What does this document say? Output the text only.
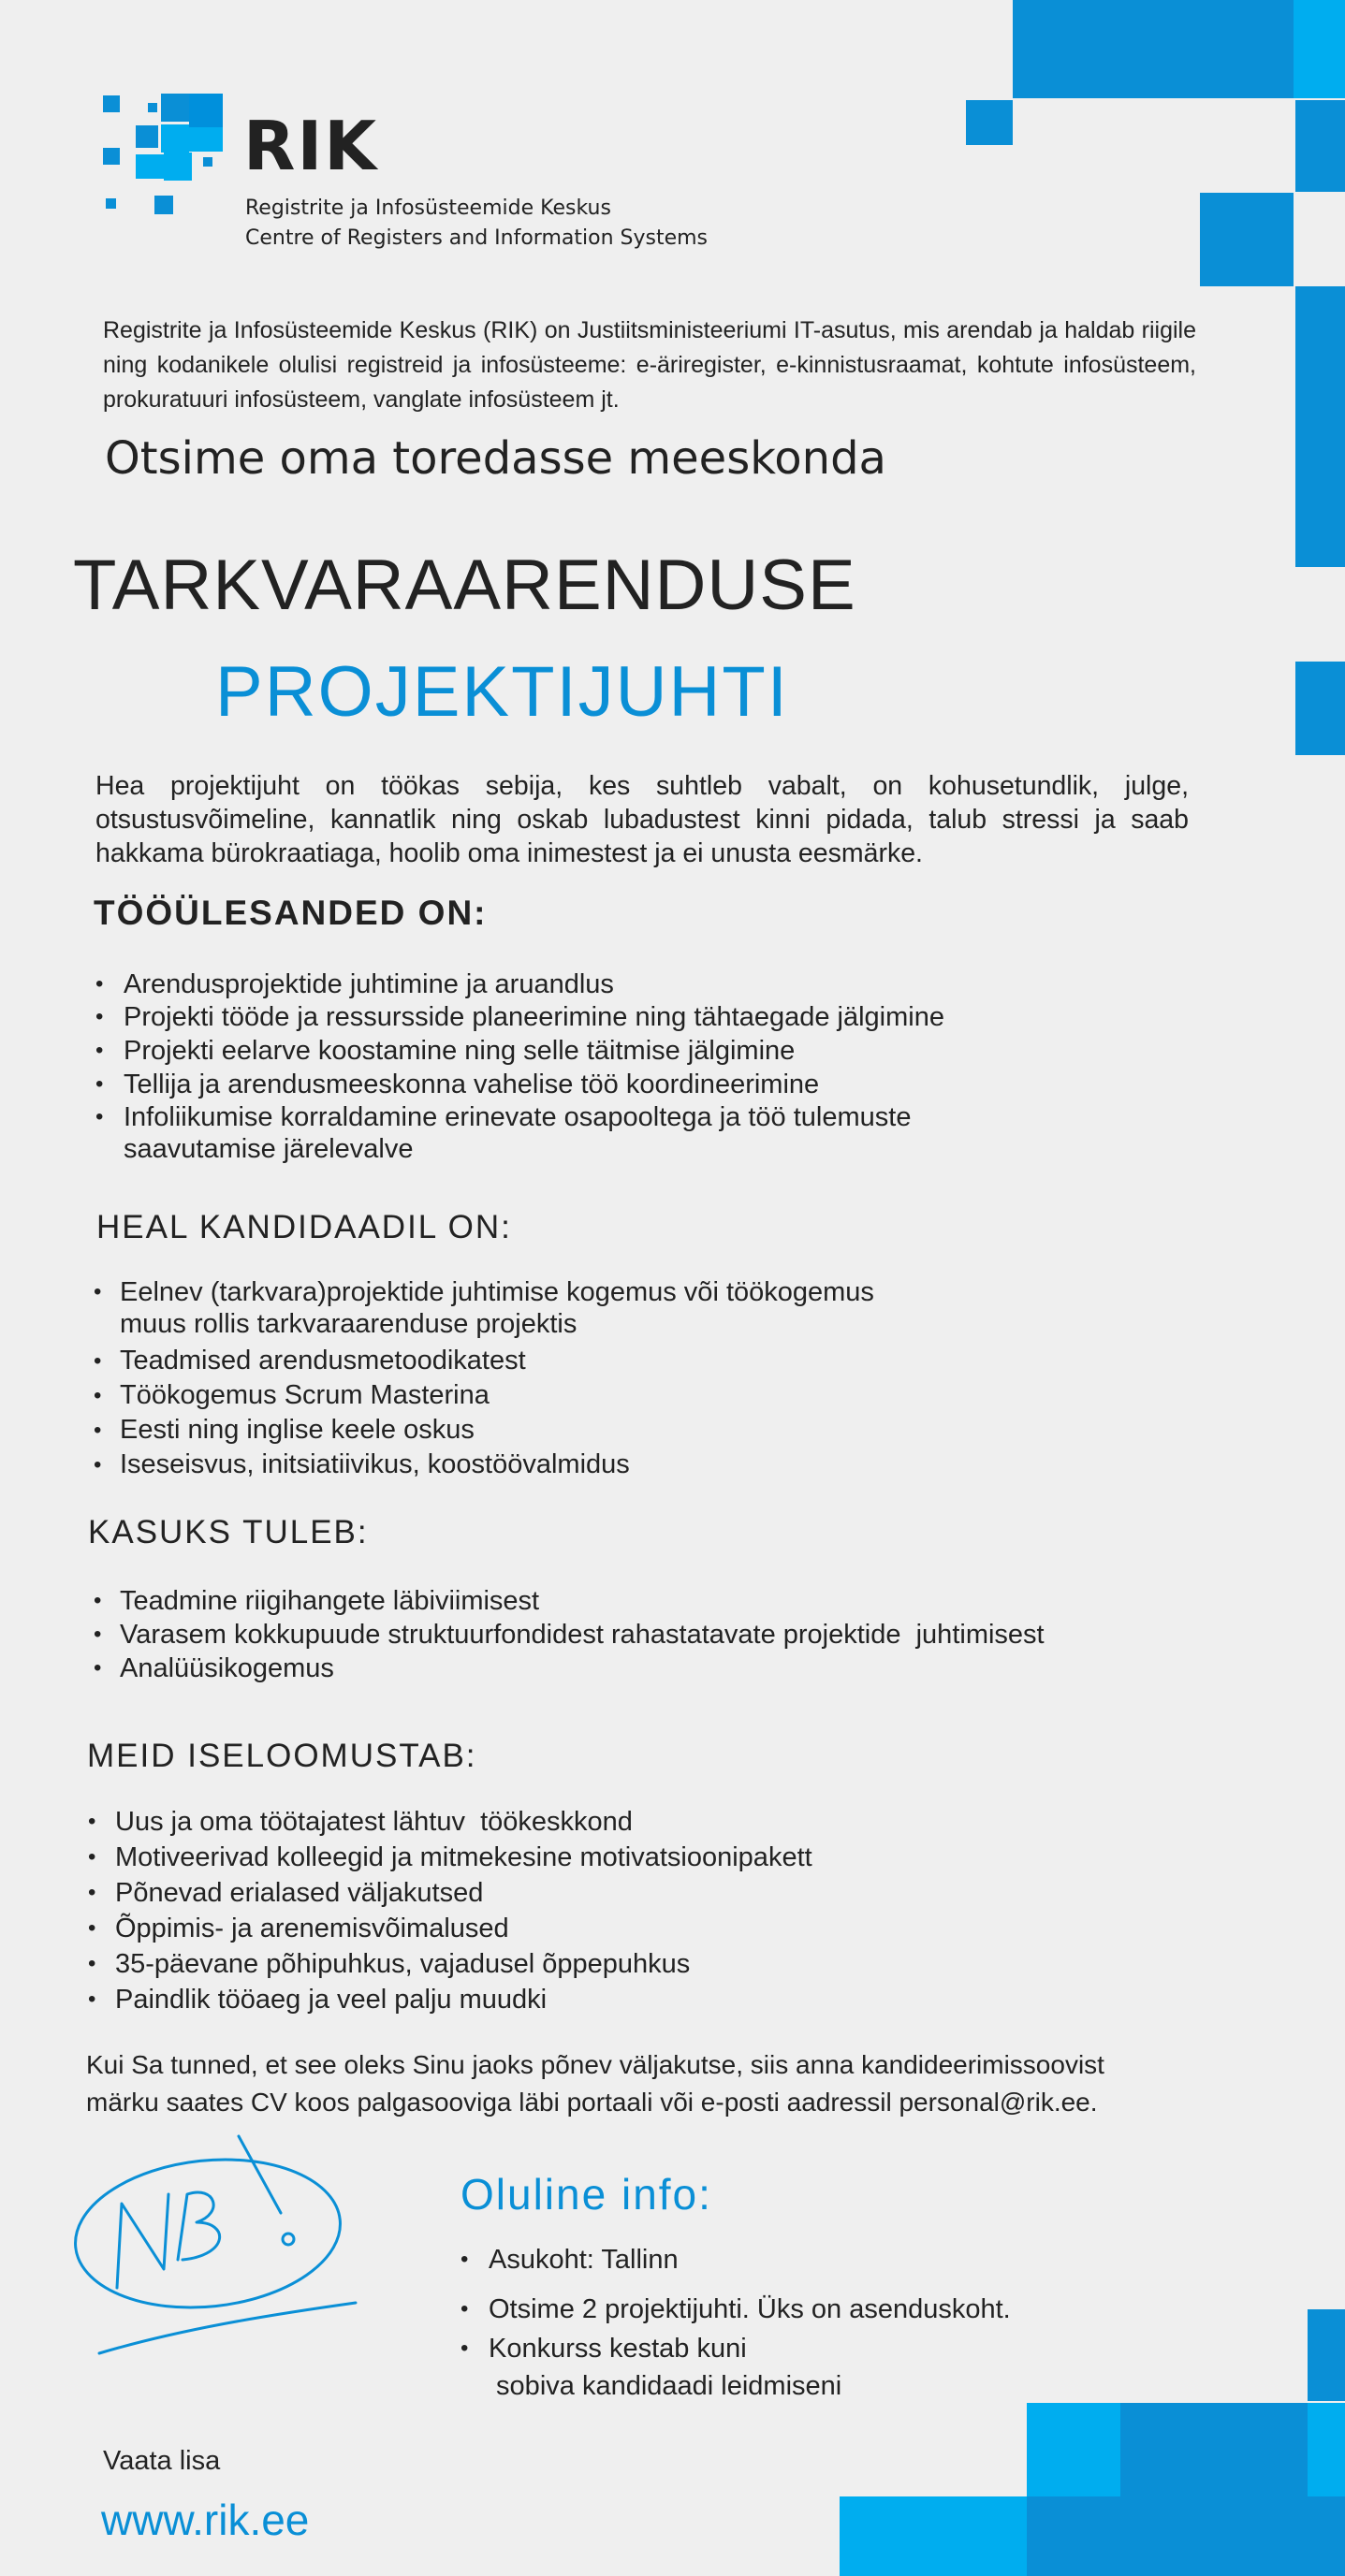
RIK
Registrite ja Infosüsteemide Keskus
Centre of Registers and Information Systems
Registrite ja Infosüsteemide Keskus (RIK) on Justiitsministeeriumi IT-asutus, mis arendab ja haldab riigile ning kodanikele olulisi registreid ja infosüsteeme: e-äriregister, e-kinnistusraamat, kohtute infosüsteem, prokuratuuri infosüsteem, vanglate infosüsteem jt.
Otsime oma toredasse meeskonda
TARKVARAARENDUSE
PROJEKTIJUHTI
Hea projektijuht on töökas sebija, kes suhtleb vabalt, on kohusetundlik, julge, otsustusvõimeline, kannatlik ning oskab lubadustest kinni pidada, talub stressi ja saab hakkama bürokraatiaga, hoolib oma inimestest ja ei unusta eesmärke.
TÖÖÜLESANDED ON:
• Arendusprojektide juhtimine ja aruandlus
• Projekti tööde ja ressursside planeerimine ning tähtaegade jälgimine
• Projekti eelarve koostamine ning selle täitmise jälgimine
• Tellija ja arendusmeeskonna vahelise töö koordineerimine
• Infoliikumise korraldamine erinevate osapooltega ja töö tulemuste
saavutamise järelevalve
HEAL KANDIDAADIL ON:
• Eelnev (tarkvara)projektide juhtimise kogemus või töökogemus
muus rollis tarkvaraarenduse projektis
• Teadmised arendusmetoodikatest
• Töökogemus Scrum Masterina
• Eesti ning inglise keele oskus
• Iseseisvus, initsiatiivikus, koostöövalmidus
KASUKS TULEB:
• Teadmine riigihangete läbiviimisest
• Varasem kokkupuude struktuurfondidest rahastatavate projektide  juhtimisest
• Analüüsikogemus
MEID ISELOOMUSTAB:
• Uus ja oma töötajatest lähtuv  töökeskkond
• Motiveerivad kolleegid ja mitmekesine motivatsioonipakett
• Põnevad erialased väljakutsed
• Õppimis- ja arenemisvõimalused
• 35-päevane põhipuhkus, vajadusel õppepuhkus
• Paindlik tööaeg ja veel palju muudki
Kui Sa tunned, et see oleks Sinu jaoks põnev väljakutse, siis anna kandideerimissoovist
märku saates CV koos palgasooviga läbi portaali või e-posti aadressil personal@rik.ee.
Oluline info:
• Asukoht: Tallinn
• Otsime 2 projektijuhti. Üks on asenduskoht.
• Konkurss kestab kuni
sobiva kandidaadi leidmiseni
Vaata lisa
www.rik.ee
